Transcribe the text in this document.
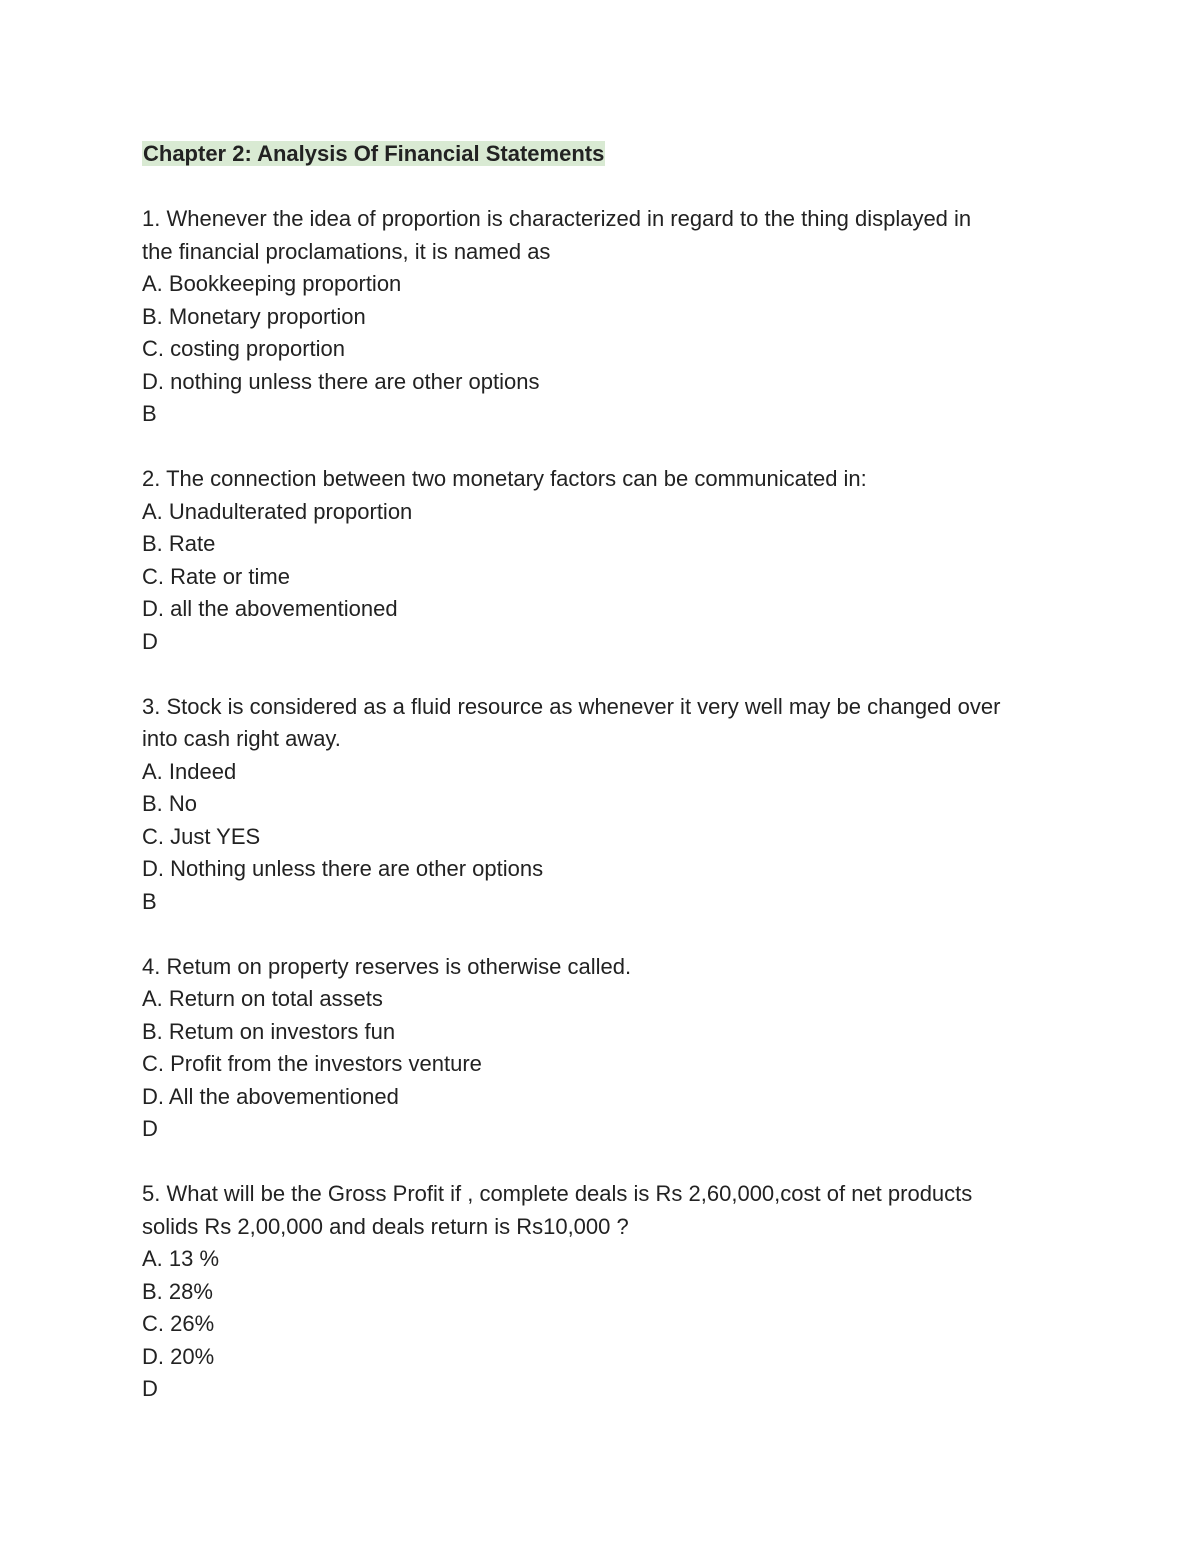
Chapter 2: Analysis Of Financial Statements
1. Whenever the idea of proportion is characterized in regard to the thing displayed in
the financial proclamations, it is named as
A. Bookkeeping proportion
B. Monetary proportion
C. costing proportion
D. nothing unless there are other options
B
2. The connection between two monetary factors can be communicated in:
A. Unadulterated proportion
B. Rate
C. Rate or time
D. all the abovementioned
D
3. Stock is considered as a fluid resource as whenever it very well may be changed over
into cash right away.
A. Indeed
B. No
C. Just YES
D. Nothing unless there are other options
B
4. Retum on property reserves is otherwise called.
A. Return on total assets
B. Retum on investors fun
C. Profit from the investors venture
D. All the abovementioned
D
5. What will be the Gross Profit if , complete deals is Rs 2,60,000,cost of net products
solids Rs 2,00,000 and deals return is Rs10,000 ?
A. 13 %
B. 28%
C. 26%
D. 20%
D
